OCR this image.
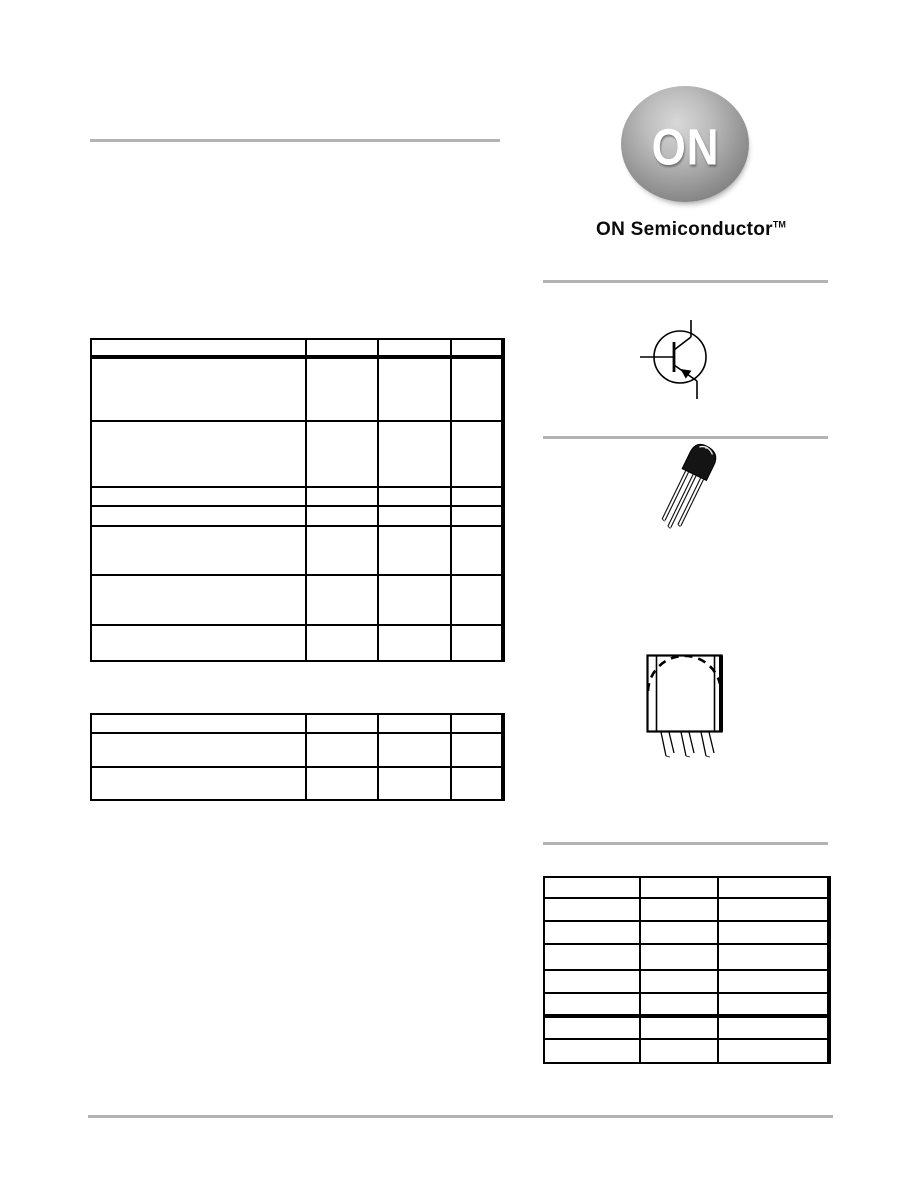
ON
ON Semiconductor™
